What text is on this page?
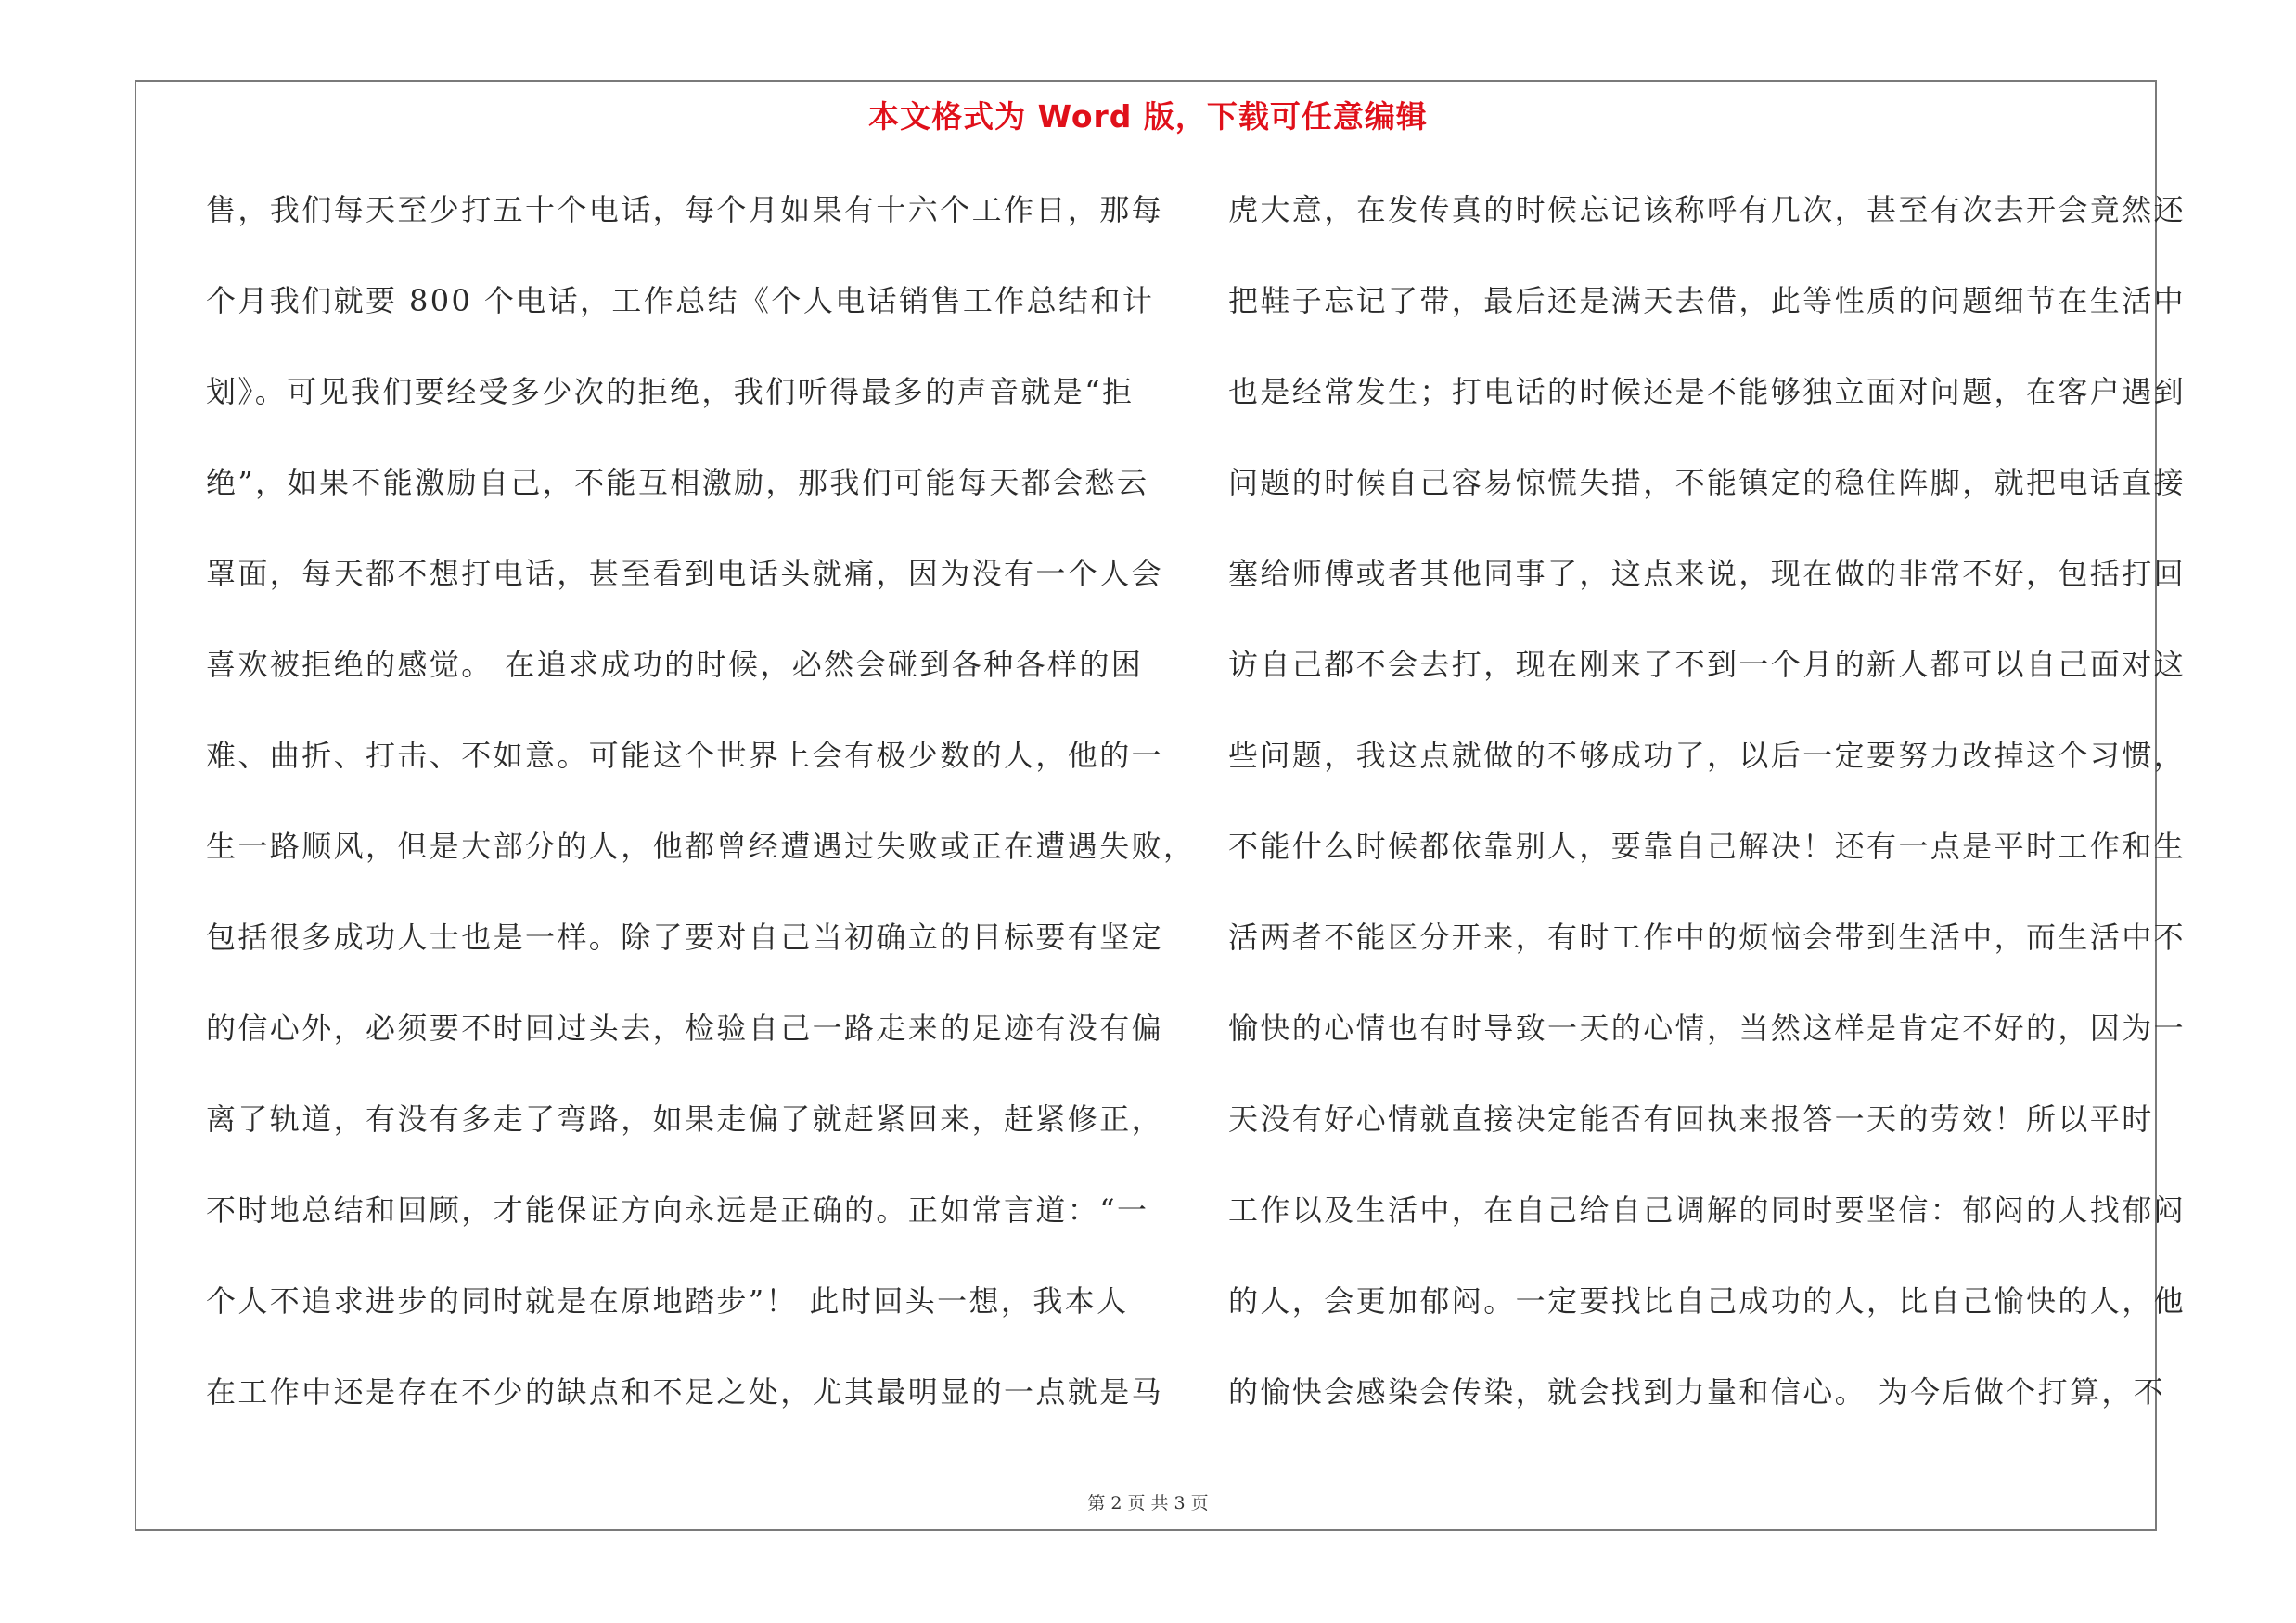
本文格式为 Word 版，下载可任意编辑
售，我们每天至少打五十个电话，每个月如果有十六个工作日，那每
个月我们就要 800 个电话，工作总结《个人电话销售工作总结和计
划》。可见我们要经受多少次的拒绝，我们听得最多的声音就是“拒
绝”，如果不能激励自己，不能互相激励，那我们可能每天都会愁云
罩面，每天都不想打电话，甚至看到电话头就痛，因为没有一个人会
喜欢被拒绝的感觉。 在追求成功的时候，必然会碰到各种各样的困
难、曲折、打击、不如意。可能这个世界上会有极少数的人，他的一
生一路顺风，但是大部分的人，他都曾经遭遇过失败或正在遭遇失败，
包括很多成功人士也是一样。除了要对自己当初确立的目标要有坚定
的信心外，必须要不时回过头去，检验自己一路走来的足迹有没有偏
离了轨道，有没有多走了弯路，如果走偏了就赶紧回来，赶紧修正，
不时地总结和回顾，才能保证方向永远是正确的。正如常言道：“一
个人不追求进步的同时就是在原地踏步”！ 此时回头一想，我本人
在工作中还是存在不少的缺点和不足之处，尤其最明显的一点就是马
虎大意，在发传真的时候忘记该称呼有几次，甚至有次去开会竟然还
把鞋子忘记了带，最后还是满天去借，此等性质的问题细节在生活中
也是经常发生；打电话的时候还是不能够独立面对问题，在客户遇到
问题的时候自己容易惊慌失措，不能镇定的稳住阵脚，就把电话直接
塞给师傅或者其他同事了，这点来说，现在做的非常不好，包括打回
访自己都不会去打，现在刚来了不到一个月的新人都可以自己面对这
些问题，我这点就做的不够成功了，以后一定要努力改掉这个习惯，
不能什么时候都依靠别人，要靠自己解决！还有一点是平时工作和生
活两者不能区分开来，有时工作中的烦恼会带到生活中，而生活中不
愉快的心情也有时导致一天的心情，当然这样是肯定不好的，因为一
天没有好心情就直接决定能否有回执来报答一天的劳效！所以平时
工作以及生活中，在自己给自己调解的同时要坚信：郁闷的人找郁闷
的人，会更加郁闷。一定要找比自己成功的人，比自己愉快的人，他
的愉快会感染会传染，就会找到力量和信心。 为今后做个打算，不
第 2 页 共 3 页
